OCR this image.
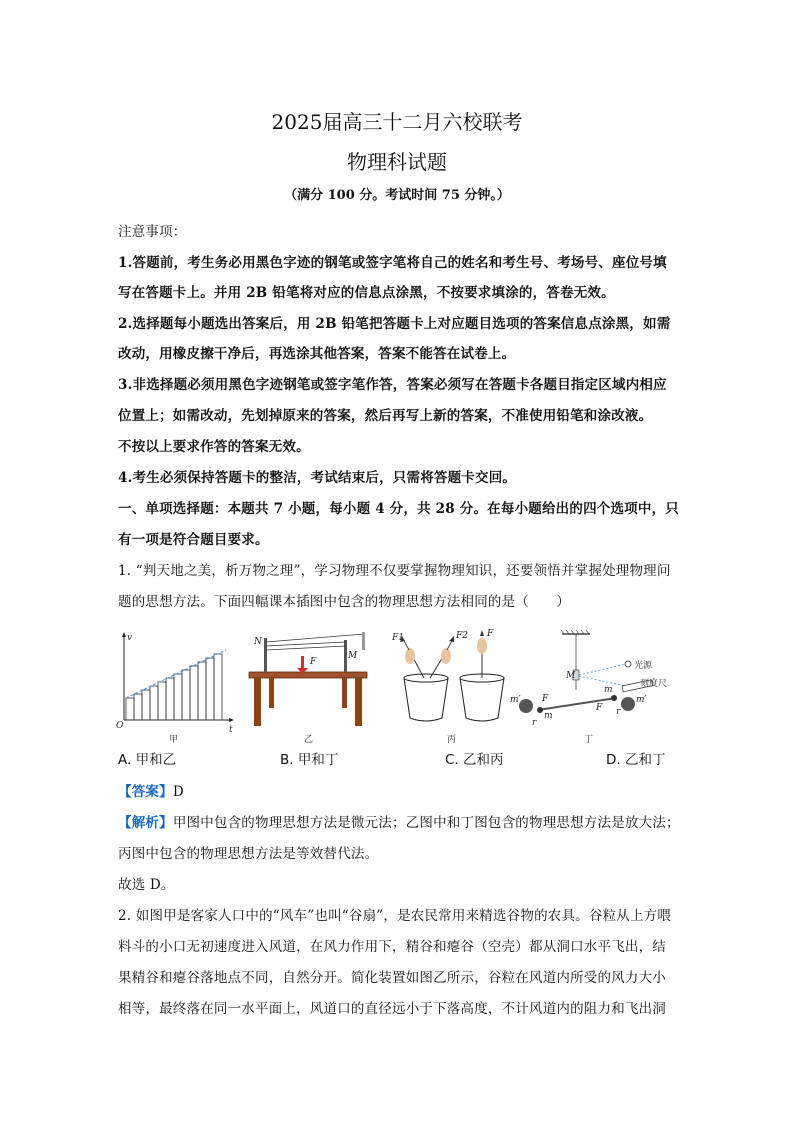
2025届高三十二月六校联考
物理科试题
（满分 100 分。考试时间 75 分钟。）
注意事项：
1.答题前，考生务必用黑色字迹的钢笔或签字笔将自己的姓名和考生号、考场号、座位号填
写在答题卡上。并用 2B 铅笔将对应的信息点涂黑，不按要求填涂的，答卷无效。
2.选择题每小题选出答案后，用 2B 铅笔把答题卡上对应题目选项的答案信息点涂黑，如需
改动，用橡皮擦干净后，再选涂其他答案，答案不能答在试卷上。
3.非选择题必须用黑色字迹钢笔或签字笔作答，答案必须写在答题卡各题目指定区域内相应
位置上；如需改动，先划掉原来的答案，然后再写上新的答案，不准使用铅笔和涂改液。
不按以上要求作答的答案无效。
4.考生必须保持答题卡的整洁，考试结束后，只需将答题卡交回。
一、单项选择题：本题共 7 小题，每小题 4 分，共 28 分。在每小题给出的四个选项中，只
有一项是符合题目要求。
1. “判天地之美，析万物之理”，学习物理不仅要掌握物理知识，还要领悟并掌握处理物理问
题的思想方法。下面四幅课本插图中包含的物理思想方法相同的是（　　）
v
t
O
甲
N
M
F
乙
F1	F2 F
丙
M
m
m′
m
m′
r
r
F
F
光源
刻度尺
丁
A. 甲和乙	B. 甲和丁	C. 乙和丙	D. 乙和丁
【答案】D
【解析】甲图中包含的物理思想方法是微元法；乙图中和丁图包含的物理思想方法是放大法；
丙图中包含的物理思想方法是等效替代法。
故选 D。
2. 如图甲是客家人口中的“风车”也叫“谷扇”，是农民常用来精选谷物的农具。谷粒从上方喂
料斗的小口无初速度进入风道，在风力作用下，精谷和瘪谷（空壳）都从洞口水平飞出，结
果精谷和瘪谷落地点不同，自然分开。简化装置如图乙所示，谷粒在风道内所受的风力大小
相等，最终落在同一水平面上，风道口的直径远小于下落高度，不计风道内的阻力和飞出洞
